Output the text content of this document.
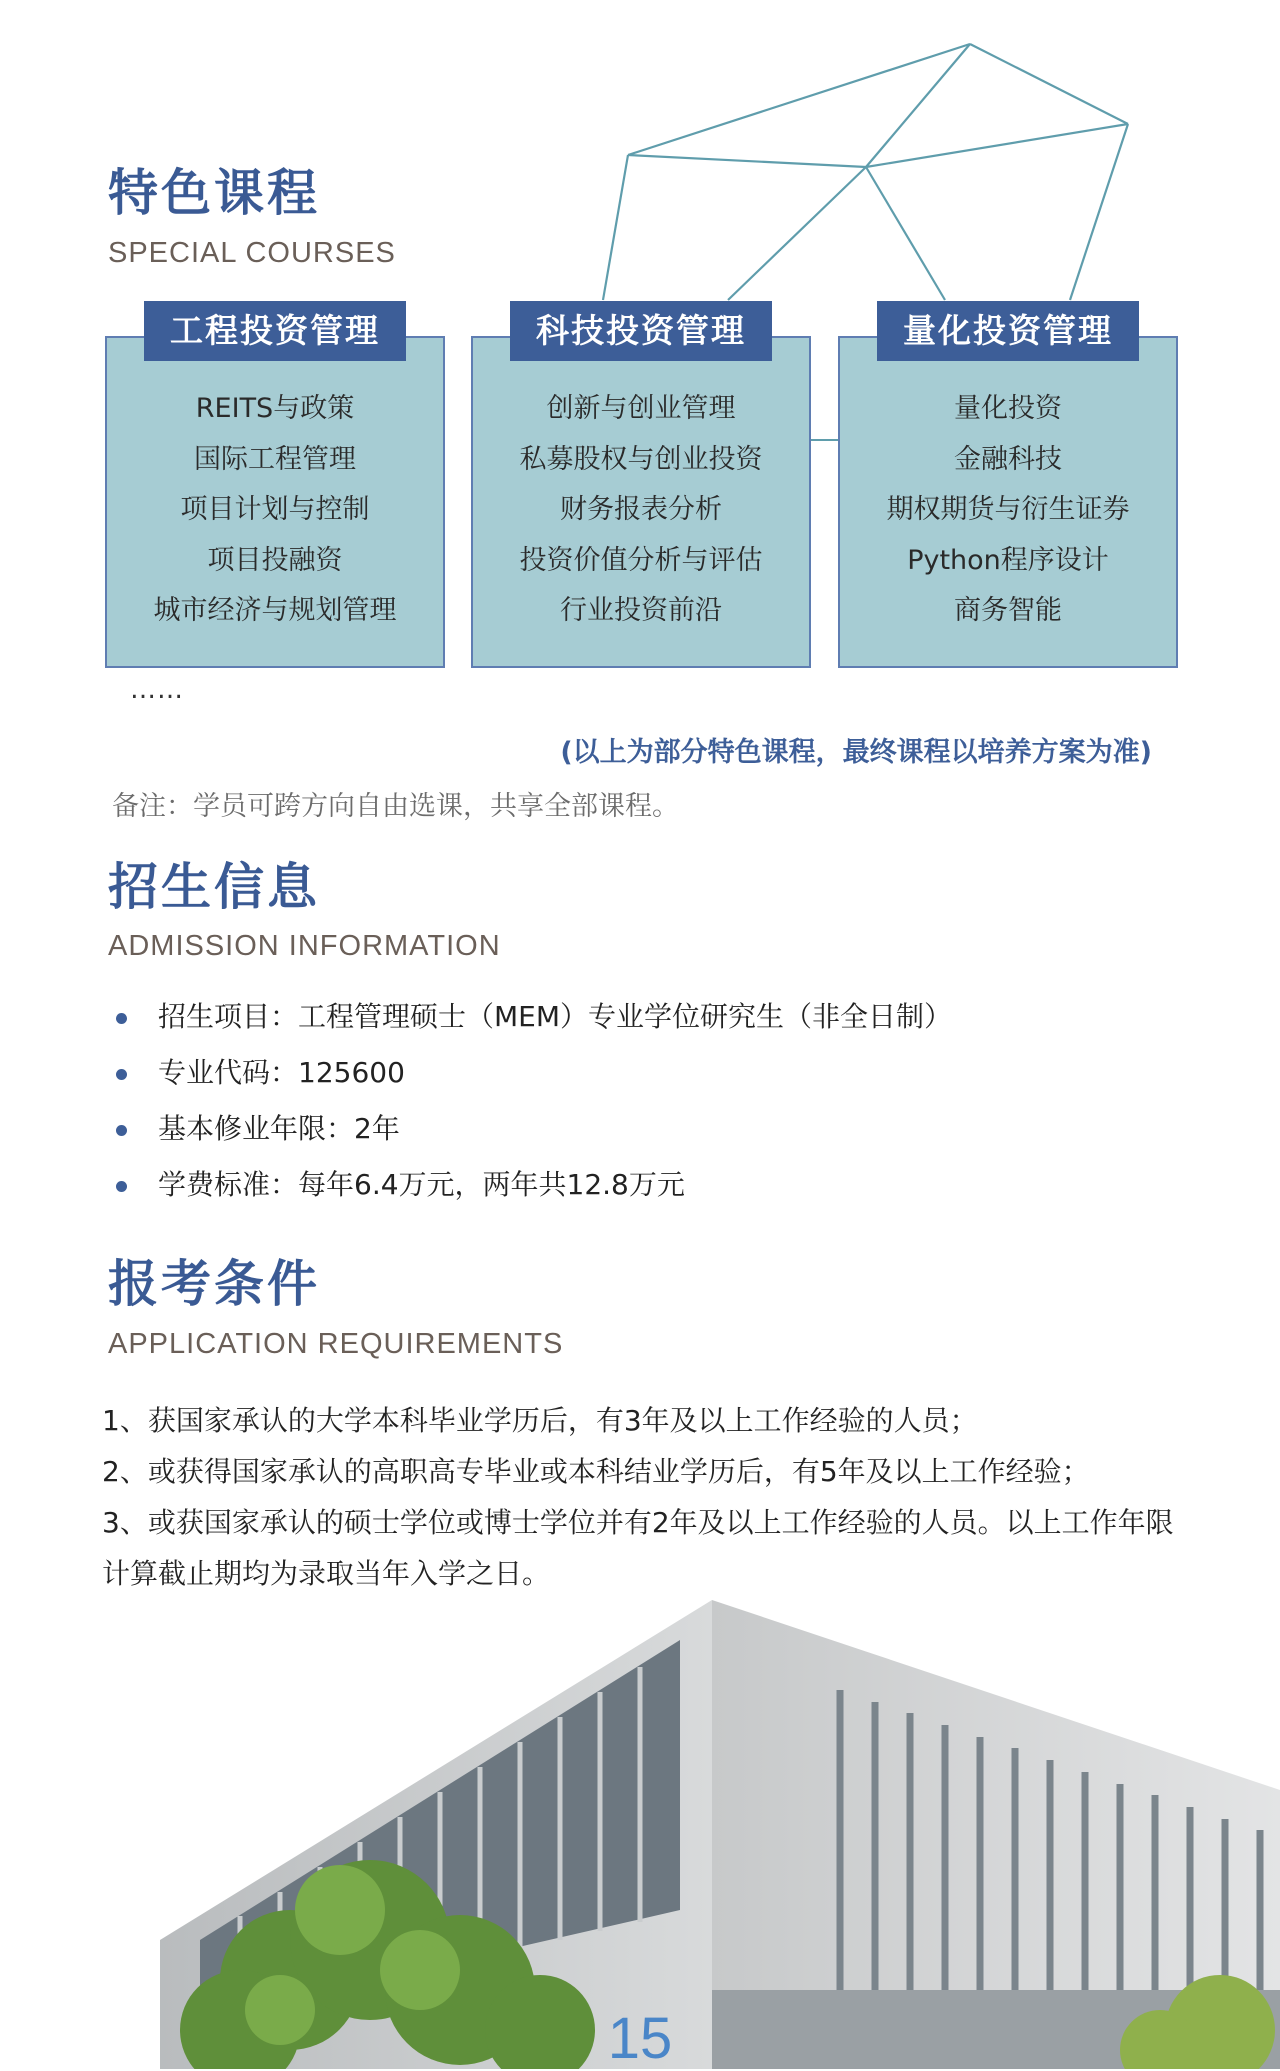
特色课程
SPECIAL COURSES
工程投资管理
REITS与政策
国际工程管理
项目计划与控制
项目投融资
城市经济与规划管理
科技投资管理
创新与创业管理
私募股权与创业投资
财务报表分析
投资价值分析与评估
行业投资前沿
量化投资管理
量化投资
金融科技
期权期货与衍生证券
Python程序设计
商务智能
……
(以上为部分特色课程，最终课程以培养方案为准)
备注：学员可跨方向自由选课，共享全部课程。
招生信息
ADMISSION INFORMATION
招生项目：工程管理硕士（MEM）专业学位研究生（非全日制）
专业代码：125600
基本修业年限：2年
学费标准：每年6.4万元，两年共12.8万元
报考条件
APPLICATION REQUIREMENTS

1、获国家承认的大学本科毕业学历后，有3年及以上工作经验的人员；

2、或获得国家承认的高职高专毕业或本科结业学历后，有5年及以上工作经验；

3、或获国家承认的硕士学位或博士学位并有2年及以上工作经验的人员。以上工作年限计算截止期均为录取当年入学之日。

15
